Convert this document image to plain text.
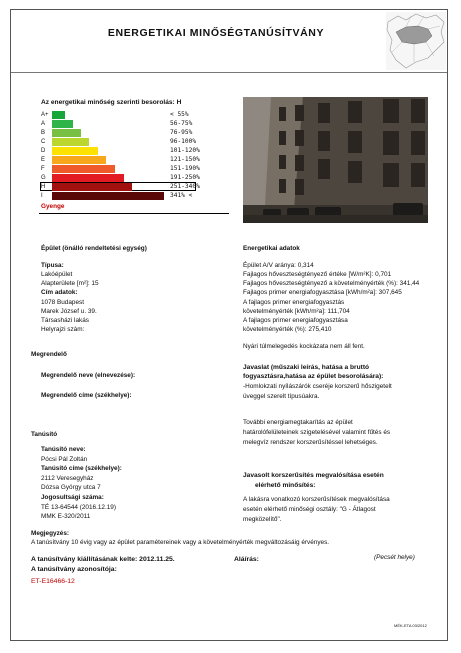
ENERGETIKAI MINŐSÉGTANÚSÍTVÁNY
Az energetikai minőség szerinti besorolás: H
A+	< 55%
A	56-75%
B	76-95%
C	96-100%
D	101-120%
E	121-150%
F	151-190%
G	191-250%
H	251-340%
I	341% <
Gyenge
Épület (önálló rendeltetési egység)
Típusa:
Lakóépület
Alapterülete [m²]: 15
Cím adatok:
1078 Budapest
Marek József u. 39.
Társasházi lakás
Helyrajzi szám:
Energetikai adatok
Épület A/V aránya: 0,314
Fajlagos hőveszteségtényező értéke [W/m²K]: 0,701
Fajlagos hőveszteségtényező a követelményérték (%): 341,44
Fajlagos primer energiafogyasztása [kWh/m²a]: 307,645
A fajlagos primer energiafogyasztás
követelményérték [kWh/m²a]: 111,704
A fajlagos primer energiafogyasztása
követelményérték (%): 275,410
Nyári túlmelegedés kockázata nem áll fent.
Megrendelő
Megrendelő neve (elnevezése):
Megrendelő címe (székhelye):
Javaslat (műszaki leírás, hatása a bruttó
fogyasztásra,hatása az épület besorolására):
-Homlokzati nyílászárók cseréje korszerű hőszigetelt
üveggel szerelt típusúakra.
További energiamegtakarítás az épület
határolófelületeinek szigetelésével valamint fűtés és
melegvíz rendszer korszerűsítéssel lehetséges.
Tanúsító
Tanúsító neve:
Pócsi Pál Zoltán
Tanúsító címe (székhelye):
2112 Veresegyház
Dózsa György utca 7
Jogosultsági száma:
TÉ 13-64544 (2016.12.19)
MMK E-320/2011
Javasolt korszerűsítés megvalósítása esetén
elérhető minősítés:
A lakásra vonatkozó korszerűsítések megvalósítása
esetén elérhető minőségi osztály: "G - Átlagost
megközelítő".
Megjegyzés:
A tanúsítvány 10 évig vagy az épület paramétereinek vagy a követelményérték megváltozásáig érvényes.
A tanúsítvány kiállításának kelte: 2012.11.25.
A tanúsítvány azonosítója:
ET-E16466-12
Aláírás:	(Pecsét helye)
MÉK-ETA 03/2012
